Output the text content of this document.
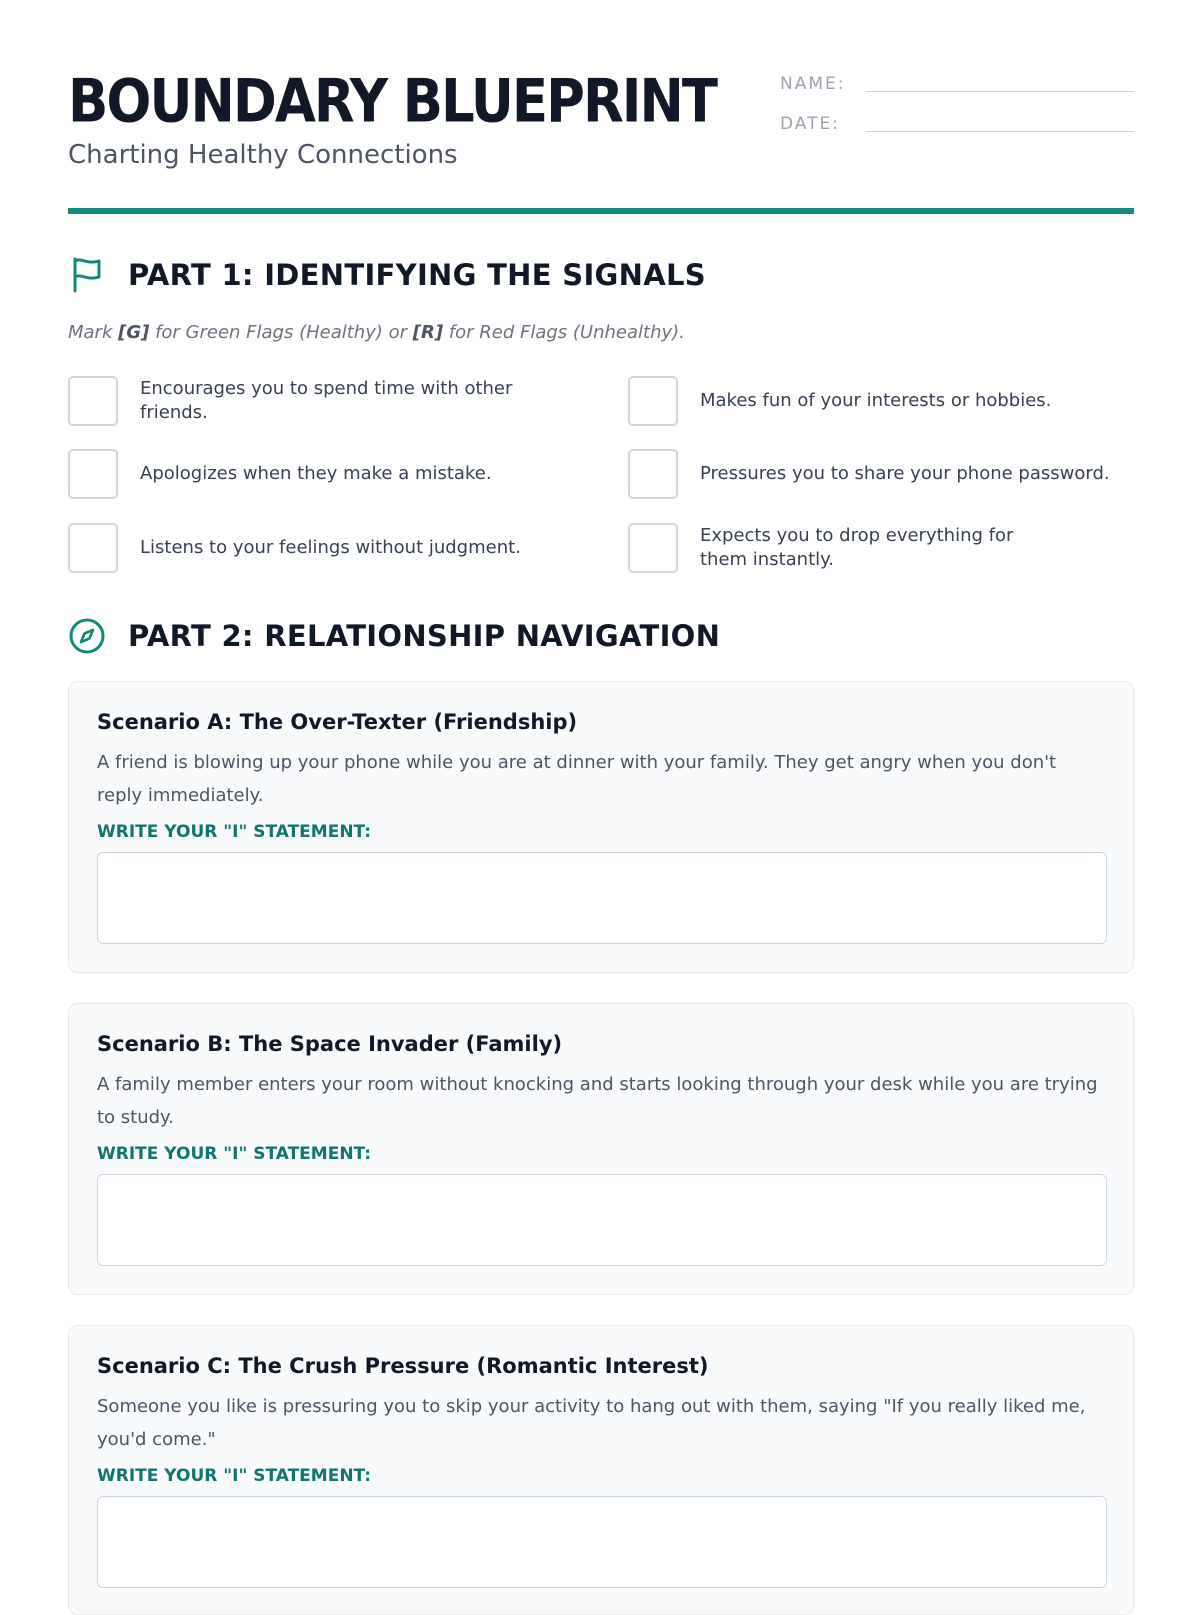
BOUNDARY BLUEPRINT
Charting Healthy Connections
NAME:
DATE:
PART 1: IDENTIFYING THE SIGNALS
Mark [G] for Green Flags (Healthy) or [R] for Red Flags (Unhealthy).
Encourages you to spend time with other friends.
Makes fun of your interests or hobbies.
Apologizes when they make a mistake.	Pressures you to share your phone password.
Listens to your feelings without judgment.
Expects you to drop everything for them instantly.
PART 2: RELATIONSHIP NAVIGATION
Scenario A: The Over-Texter (Friendship)

A friend is blowing up your phone while you are at dinner with your family. They get angry when you don't reply immediately.

WRITE YOUR "I" STATEMENT:
Scenario B: The Space Invader (Family)

A family member enters your room without knocking and starts looking through your desk while you are trying to study.

WRITE YOUR "I" STATEMENT:
Scenario C: The Crush Pressure (Romantic Interest)

Someone you like is pressuring you to skip your activity to hang out with them, saying "If you really liked me, you'd come."

WRITE YOUR "I" STATEMENT:
